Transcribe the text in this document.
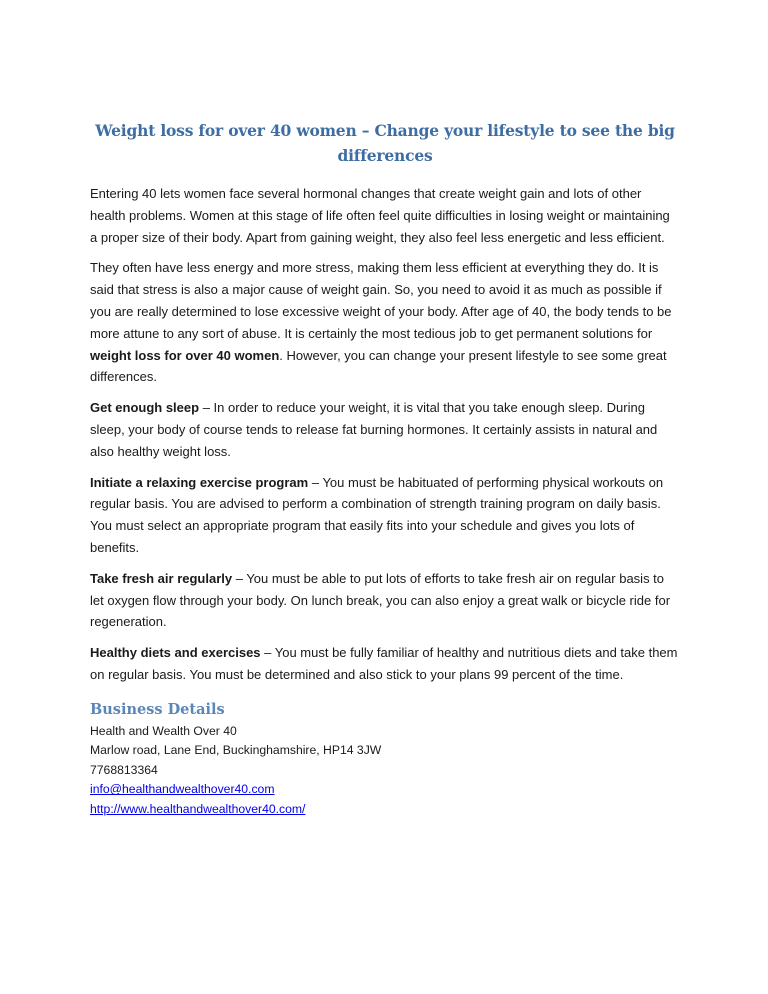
Weight loss for over 40 women – Change your lifestyle to see the big differences

Entering 40 lets women face several hormonal changes that create weight gain and lots of other health problems. Women at this stage of life often feel quite difficulties in losing weight or maintaining a proper size of their body. Apart from gaining weight, they also feel less energetic and less efficient.

They often have less energy and more stress, making them less efficient at everything they do. It is said that stress is also a major cause of weight gain. So, you need to avoid it as much as possible if you are really determined to lose excessive weight of your body. After age of 40, the body tends to be more attune to any sort of abuse. It is certainly the most tedious job to get permanent solutions for weight loss for over 40 women. However, you can change your present lifestyle to see some great differences.

Get enough sleep – In order to reduce your weight, it is vital that you take enough sleep. During sleep, your body of course tends to release fat burning hormones. It certainly assists in natural and also healthy weight loss.

Initiate a relaxing exercise program – You must be habituated of performing physical workouts on regular basis. You are advised to perform a combination of strength training program on daily basis. You must select an appropriate program that easily fits into your schedule and gives you lots of benefits.

Take fresh air regularly – You must be able to put lots of efforts to take fresh air on regular basis to let oxygen flow through your body. On lunch break, you can also enjoy a great walk or bicycle ride for regeneration.

Healthy diets and exercises – You must be fully familiar of healthy and nutritious diets and take them on regular basis. You must be determined and also stick to your plans 99 percent of the time.

Business Details

Health and Wealth Over 40

Marlow road, Lane End, Buckinghamshire, HP14 3JW

7768813364

info@healthandwealthover40.com

http://www.healthandwealthover40.com/
